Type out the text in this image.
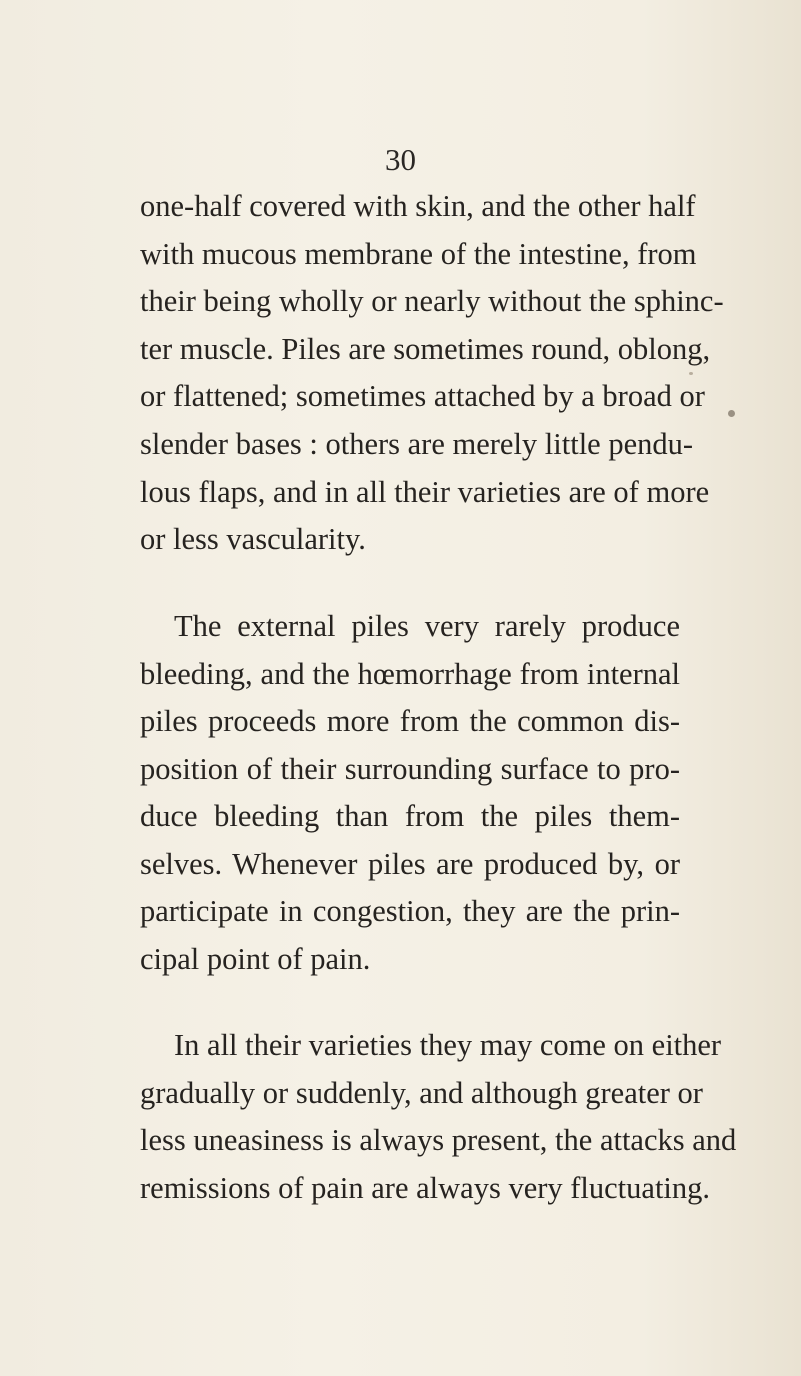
30
one-half covered with skin, and the other half
with mucous membrane of the intestine, from
their being wholly or nearly without the sphinc-
ter muscle. Piles are sometimes round, oblong,
or flattened; sometimes attached by a broad or
slender bases : others are merely little pendu-
lous flaps, and in all their varieties are of more
or less vascularity.
The external piles very rarely produce
bleeding, and the hœmorrhage from internal
piles proceeds more from the common dis-
position of their surrounding surface to pro-
duce bleeding than from the piles them-
selves. Whenever piles are produced by, or
participate in congestion, they are the prin-
cipal point of pain.
In all their varieties they may come on either
gradually or suddenly, and although greater or
less uneasiness is always present, the attacks and
remissions of pain are always very fluctuating.
